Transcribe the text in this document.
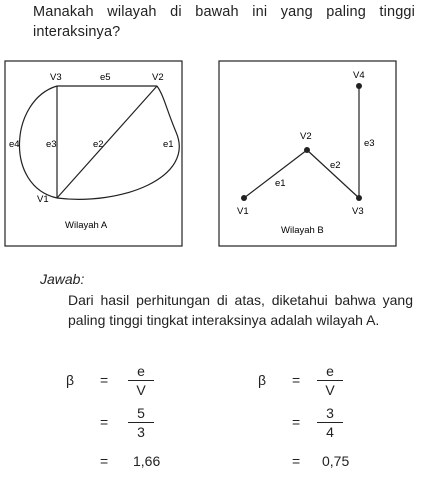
Manakah wilayah di bawah ini yang paling tinggi interaksinya?
V3	V2
V1
e5
e4	e3	e2	e1
Wilayah A
V4
V2
V1	V3
e3
e2
e1
Wilayah B
Jawab:
Dari hasil perhitungan di atas, diketahui bahwa yang paling tinggi tingkat interaksinya adalah wilayah A.
β =
e
V
=
5
3
= 1,66
β =
e
V
=
3
4
= 0,75
